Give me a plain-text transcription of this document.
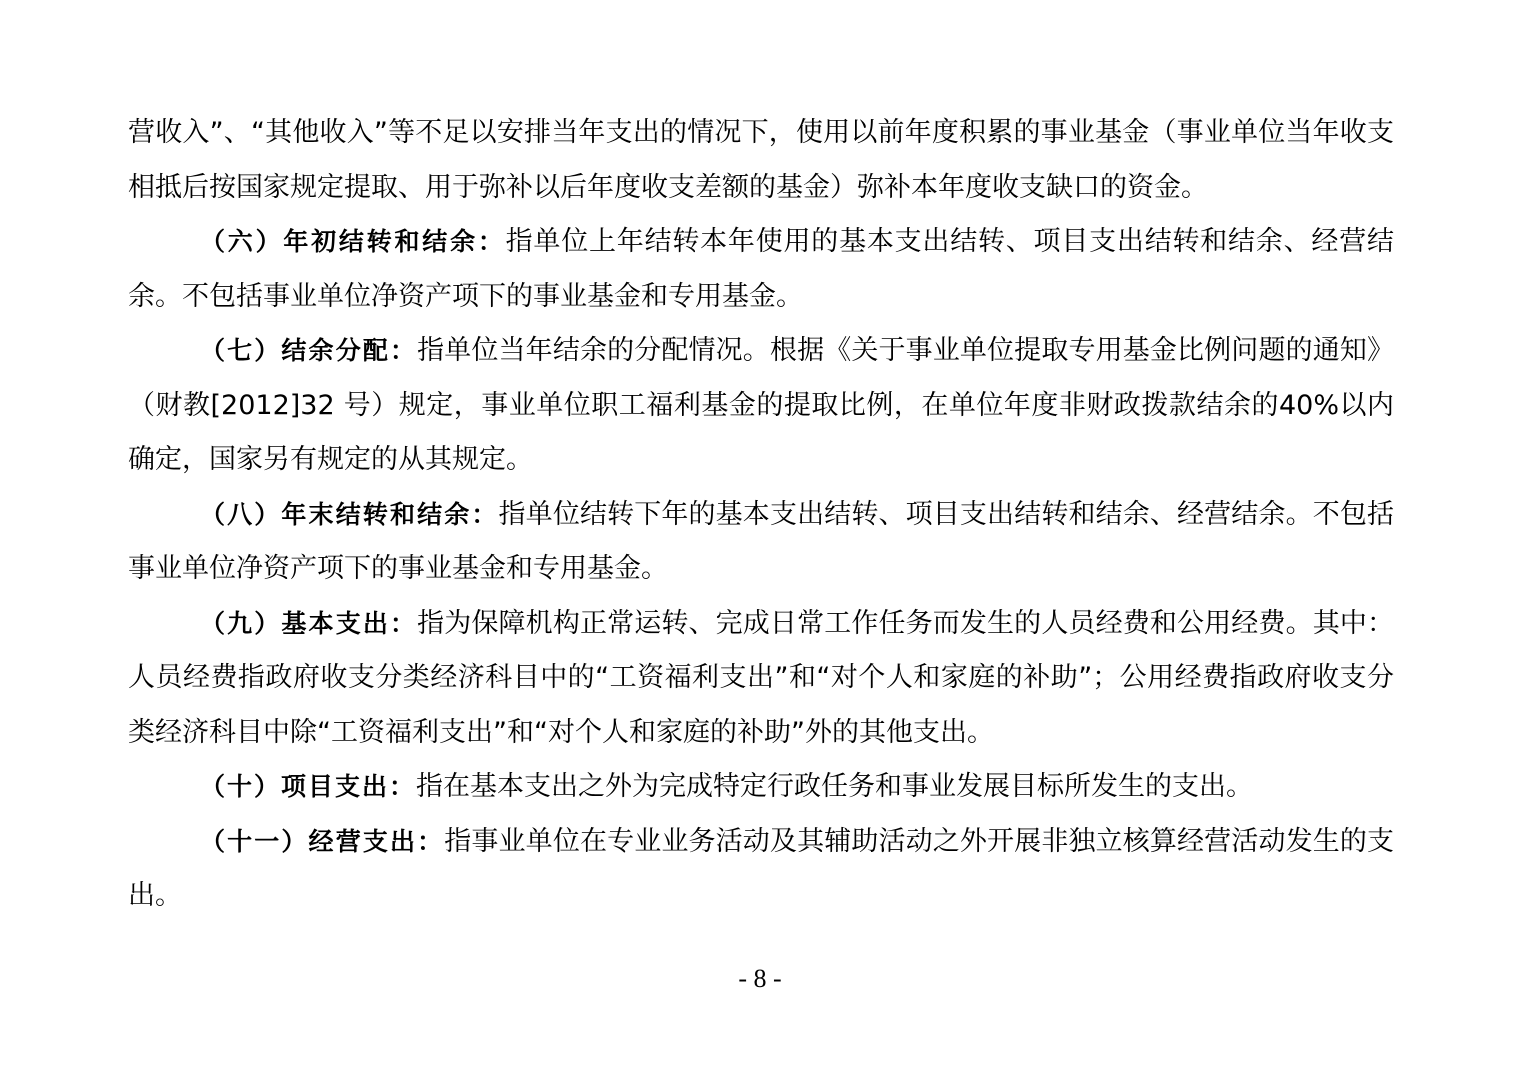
营收入”、“其他收入”等不足以安排当年支出的情况下，使用以前年度积累的事业基金（事业单位当年收支相抵后按国家规定提取、用于弥补以后年度收支差额的基金）弥补本年度收支缺口的资金。

（六）年初结转和结余：指单位上年结转本年使用的基本支出结转、项目支出结转和结余、经营结余。不包括事业单位净资产项下的事业基金和专用基金。

（七）结余分配：指单位当年结余的分配情况。根据《关于事业单位提取专用基金比例问题的通知》（财教[2012]32 号）规定，事业单位职工福利基金的提取比例，在单位年度非财政拨款结余的40%以内确定，国家另有规定的从其规定。

（八）年末结转和结余：指单位结转下年的基本支出结转、项目支出结转和结余、经营结余。不包括事业单位净资产项下的事业基金和专用基金。

（九）基本支出：指为保障机构正常运转、完成日常工作任务而发生的人员经费和公用经费。其中：人员经费指政府收支分类经济科目中的“工资福利支出”和“对个人和家庭的补助”；公用经费指政府收支分类经济科目中除“工资福利支出”和“对个人和家庭的补助”外的其他支出。

（十）项目支出：指在基本支出之外为完成特定行政任务和事业发展目标所发生的支出。

（十一）经营支出：指事业单位在专业业务活动及其辅助活动之外开展非独立核算经营活动发生的支出。

- 8 -
